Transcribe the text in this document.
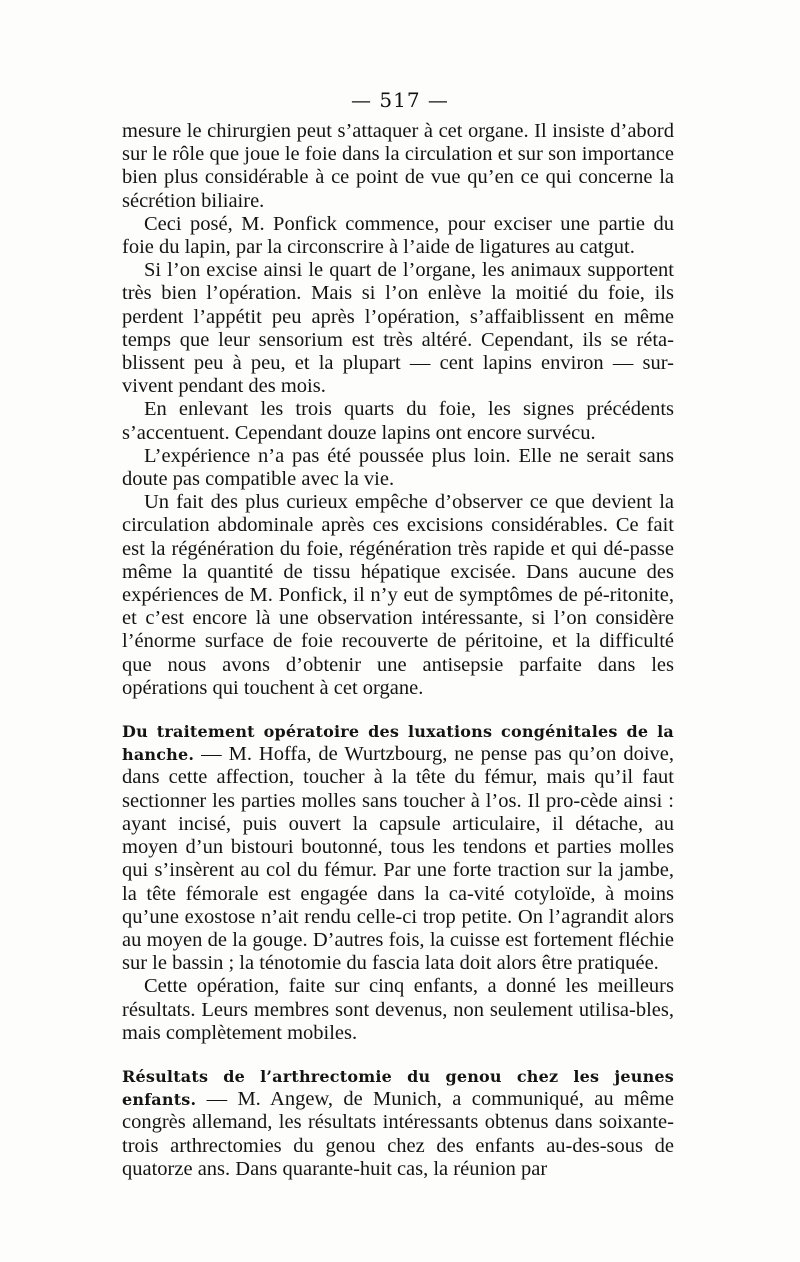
— 517 —

mesure le chirurgien peut s’attaquer à cet organe. Il insiste d’abord sur le rôle que joue le foie dans la circulation et sur son importance bien plus considérable à ce point de vue qu’en ce qui concerne la sécrétion biliaire.

Ceci posé, M. Ponfick commence, pour exciser une partie du foie du lapin, par la circonscrire à l’aide de ligatures au catgut.

Si l’on excise ainsi le quart de l’organe, les animaux supportent très bien l’opération. Mais si l’on enlève la moitié du foie, ils perdent l’appétit peu après l’opération, s’affaiblissent en même temps que leur sensorium est très altéré. Cependant, ils se réta-blissent peu à peu, et la plupart — cent lapins environ — sur-vivent pendant des mois.

En enlevant les trois quarts du foie, les signes précédents s’accentuent. Cependant douze lapins ont encore survécu.

L’expérience n’a pas été poussée plus loin. Elle ne serait sans doute pas compatible avec la vie.

Un fait des plus curieux empêche d’observer ce que devient la circulation abdominale après ces excisions considérables. Ce fait est la régénération du foie, régénération très rapide et qui dé-passe même la quantité de tissu hépatique excisée. Dans aucune des expériences de M. Ponfick, il n’y eut de symptômes de pé-ritonite, et c’est encore là une observation intéressante, si l’on considère l’énorme surface de foie recouverte de péritoine, et la difficulté que nous avons d’obtenir une antisepsie parfaite dans les opérations qui touchent à cet organe.

Du traitement opératoire des luxations congénitales de la hanche. — M. Hoffa, de Wurtzbourg, ne pense pas qu’on doive, dans cette affection, toucher à la tête du fémur, mais qu’il faut sectionner les parties molles sans toucher à l’os. Il pro-cède ainsi : ayant incisé, puis ouvert la capsule articulaire, il détache, au moyen d’un bistouri boutonné, tous les tendons et parties molles qui s’insèrent au col du fémur. Par une forte traction sur la jambe, la tête fémorale est engagée dans la ca-vité cotyloïde, à moins qu’une exostose n’ait rendu celle-ci trop petite. On l’agrandit alors au moyen de la gouge. D’autres fois, la cuisse est fortement fléchie sur le bassin ; la ténotomie du fascia lata doit alors être pratiquée.

Cette opération, faite sur cinq enfants, a donné les meilleurs résultats. Leurs membres sont devenus, non seulement utilisa-bles, mais complètement mobiles.

Résultats de l’arthrectomie du genou chez les jeunes enfants. — M. Angew, de Munich, a communiqué, au même congrès allemand, les résultats intéressants obtenus dans soixante-trois arthrectomies du genou chez des enfants au-des-sous de quatorze ans. Dans quarante-huit cas, la réunion par
